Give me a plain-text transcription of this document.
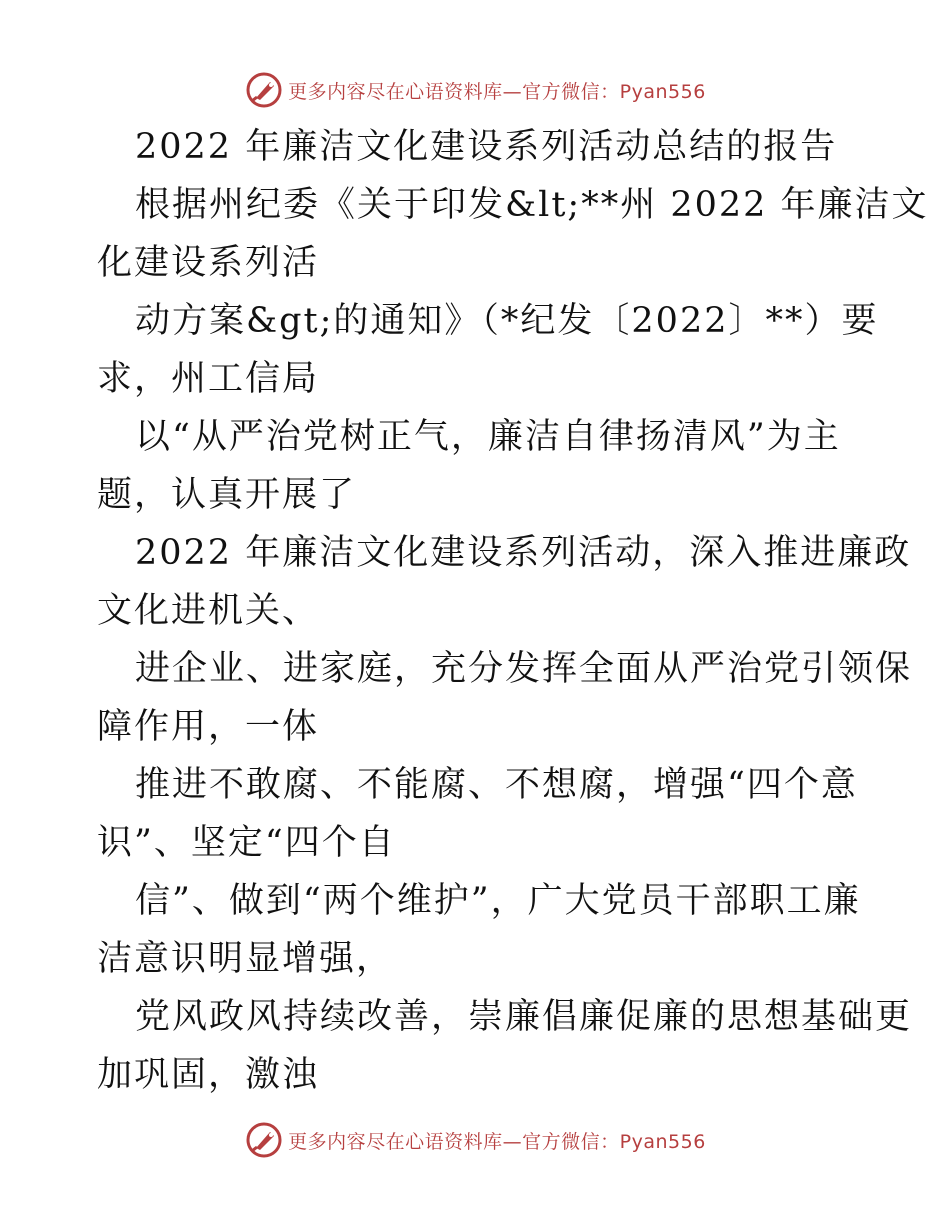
更多内容尽在心语资料库—官方微信：Pyan556
2022 年廉洁文化建设系列活动总结的报告
根据州纪委《关于印发&lt;**州 2022 年廉洁文
化建设系列活
动方案&gt;的通知》（*纪发〔2022〕**）要
求，州工信局
以“从严治党树正气，廉洁自律扬清风”为主
题，认真开展了
2022 年廉洁文化建设系列活动，深入推进廉政
文化进机关、
进企业、进家庭，充分发挥全面从严治党引领保
障作用，一体
推进不敢腐、不能腐、不想腐，增强“四个意
识”、坚定“四个自
信”、做到“两个维护”，广大党员干部职工廉
洁意识明显增强，
党风政风持续改善，崇廉倡廉促廉的思想基础更
加巩固，激浊
更多内容尽在心语资料库—官方微信：Pyan556
